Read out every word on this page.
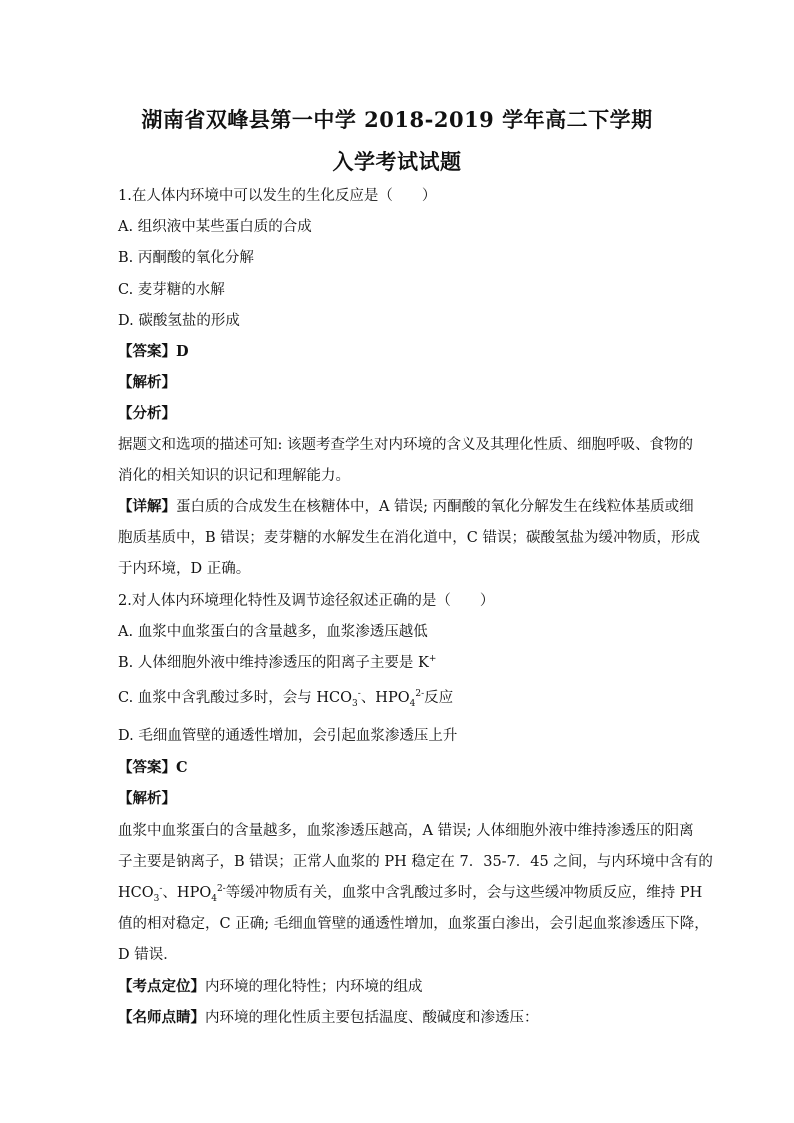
湖南省双峰县第一中学 2018-2019 学年高二下学期
入学考试试题
1.在人体内环境中可以发生的生化反应是（　　）
A. 组织液中某些蛋白质的合成
B. 丙酮酸的氧化分解
C. 麦芽糖的水解
D. 碳酸氢盐的形成
【答案】D
【解析】
【分析】
据题文和选项的描述可知: 该题考查学生对内环境的含义及其理化性质、细胞呼吸、食物的
消化的相关知识的识记和理解能力。
【详解】蛋白质的合成发生在核糖体中，A 错误; 丙酮酸的氧化分解发生在线粒体基质或细
胞质基质中，B 错误；麦芽糖的水解发生在消化道中，C 错误；碳酸氢盐为缓冲物质，形成
于内环境，D 正确。
2.对人体内环境理化特性及调节途径叙述正确的是（　　）
A. 血浆中血浆蛋白的含量越多，血浆渗透压越低
B. 人体细胞外液中维持渗透压的阳离子主要是 K+
C. 血浆中含乳酸过多时，会与 $HCO_3^-$、$HPO_4^{2-}$反应
D. 毛细血管壁的通透性增加，会引起血浆渗透压上升
【答案】C
【解析】
血浆中血浆蛋白的含量越多，血浆渗透压越高，A 错误; 人体细胞外液中维持渗透压的阳离
子主要是钠离子，B 错误；正常人血浆的 PH 稳定在 7．35-7．45 之间，与内环境中含有的
$HCO_3^-$、$HPO_4^{2-}$等缓冲物质有关，血浆中含乳酸过多时，会与这些缓冲物质反应，维持 PH
值的相对稳定，C 正确; 毛细血管壁的通透性增加，血浆蛋白渗出，会引起血浆渗透压下降，
D 错误．
【考点定位】内环境的理化特性；内环境的组成
【名师点睛】内环境的理化性质主要包括温度、酸碱度和渗透压：
